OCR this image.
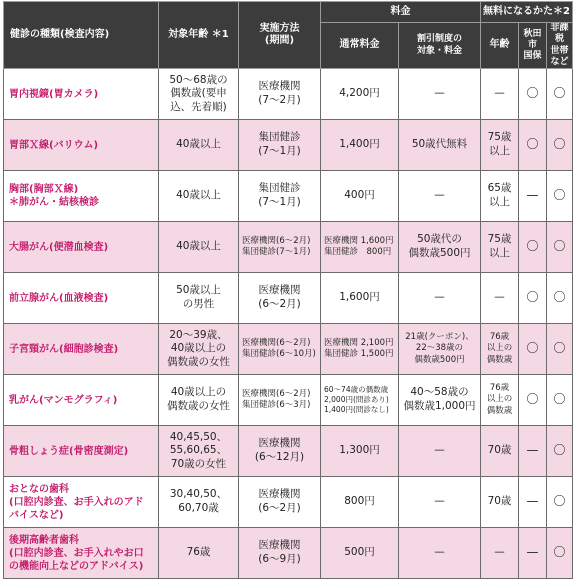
健診の種類(検査内容)	対象年齢 ＊1	実施方法
(期間)	料金		無料になるかた＊2		
			通常料金	割引制度の
対象・料金	年齢	秋田市
国保	非課税
世帯など
胃内視鏡(胃カメラ)	50〜68歳の
偶数歳(要申
込、先着順)	医療機関
(7〜2月)	4,200円	—	—	〇	〇
胃部Ｘ線(バリウム)	40歳以上	集団健診
(7〜1月)	1,400円	50歳代無料	75歳
以上	〇	〇
胸部(胸部Ｘ線)
＊肺がん・結核検診	40歳以上	集団健診
(7〜1月)	400円	—	65歳
以上	—	〇
大腸がん(便潜血検査)	40歳以上	医療機関(6〜2月)
集団健診(7〜1月)	医療機関 1,600円
集団健診　800円	50歳代の
偶数歳500円	75歳
以上	〇	〇
前立腺がん(血液検査)	50歳以上
の男性	医療機関
(6〜2月)	1,600円	—	—	〇	〇
子宮頸がん(細胞診検査)	20〜39歳、
40歳以上の
偶数歳の女性	医療機関(6〜2月)
集団健診(6〜10月)	医療機関 2,100円
集団健診 1,500円	21歳(クーポン)、
22〜38歳の
偶数歳500円	76歳
以上の
偶数歳	〇	〇
乳がん(マンモグラフィ)	40歳以上の
偶数歳の女性	医療機関(6〜2月)
集団健診(6〜3月)	60〜74歳の偶数歳
2,000円(問診あり)
1,400円(問診なし)	40〜58歳の
偶数歳1,000円	76歳
以上の
偶数歳	〇	〇
骨粗しょう症(骨密度測定)	40,45,50、
55,60,65、
70歳の女性	医療機関
(6〜12月)	1,300円	—	70歳	—	〇
おとなの歯科
(口腔内診査、お手入れのアド
バイスなど)	30,40,50、
60,70歳	医療機関
(6〜2月)	800円	—	70歳	—	〇
後期高齢者歯科
(口腔内診査、お手入れやお口
の機能向上などのアドバイス)	76歳	医療機関
(6〜9月)	500円	—	—	—	〇
